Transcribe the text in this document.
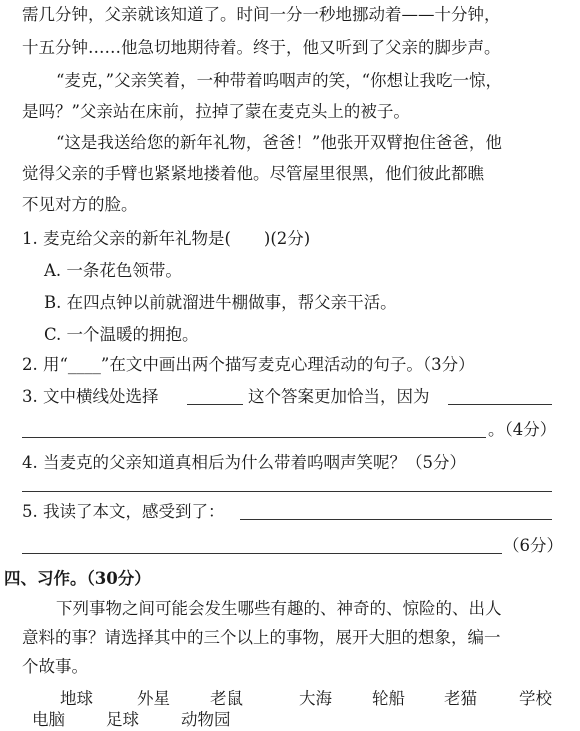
需几分钟，父亲就该知道了。时间一分一秒地挪动着——十分钟，
十五分钟……他急切地期待着。终于，他又听到了父亲的脚步声。
“麦克，”父亲笑着，一种带着呜咽声的笑，“你想让我吃一惊，
是吗？”父亲站在床前，拉掉了蒙在麦克头上的被子。
“这是我送给您的新年礼物，爸爸！”他张开双臂抱住爸爸，他
觉得父亲的手臂也紧紧地搂着他。尽管屋里很黑，他们彼此都瞧
不见对方的脸。
1. 麦克给父亲的新年礼物是(　　)(2分)
A. 一条花色领带。
B. 在四点钟以前就溜进牛棚做事，帮父亲干活。
C. 一个温暖的拥抱。
2. 用“____”在文中画出两个描写麦克心理活动的句子。（3分）
3. 文中横线处选择	这个答案更加恰当，因为
。（4分）
4. 当麦克的父亲知道真相后为什么带着呜咽声笑呢？（5分）
5. 我读了本文，感受到了：
（6分）
四、习作。（30分）
下列事物之间可能会发生哪些有趣的、神奇的、惊险的、出人
意料的事？请选择其中的三个以上的事物，展开大胆的想象，编一
个故事。
地球	外星 老鼠	大海 轮船 老猫	学校
电脑 足球	动物园
